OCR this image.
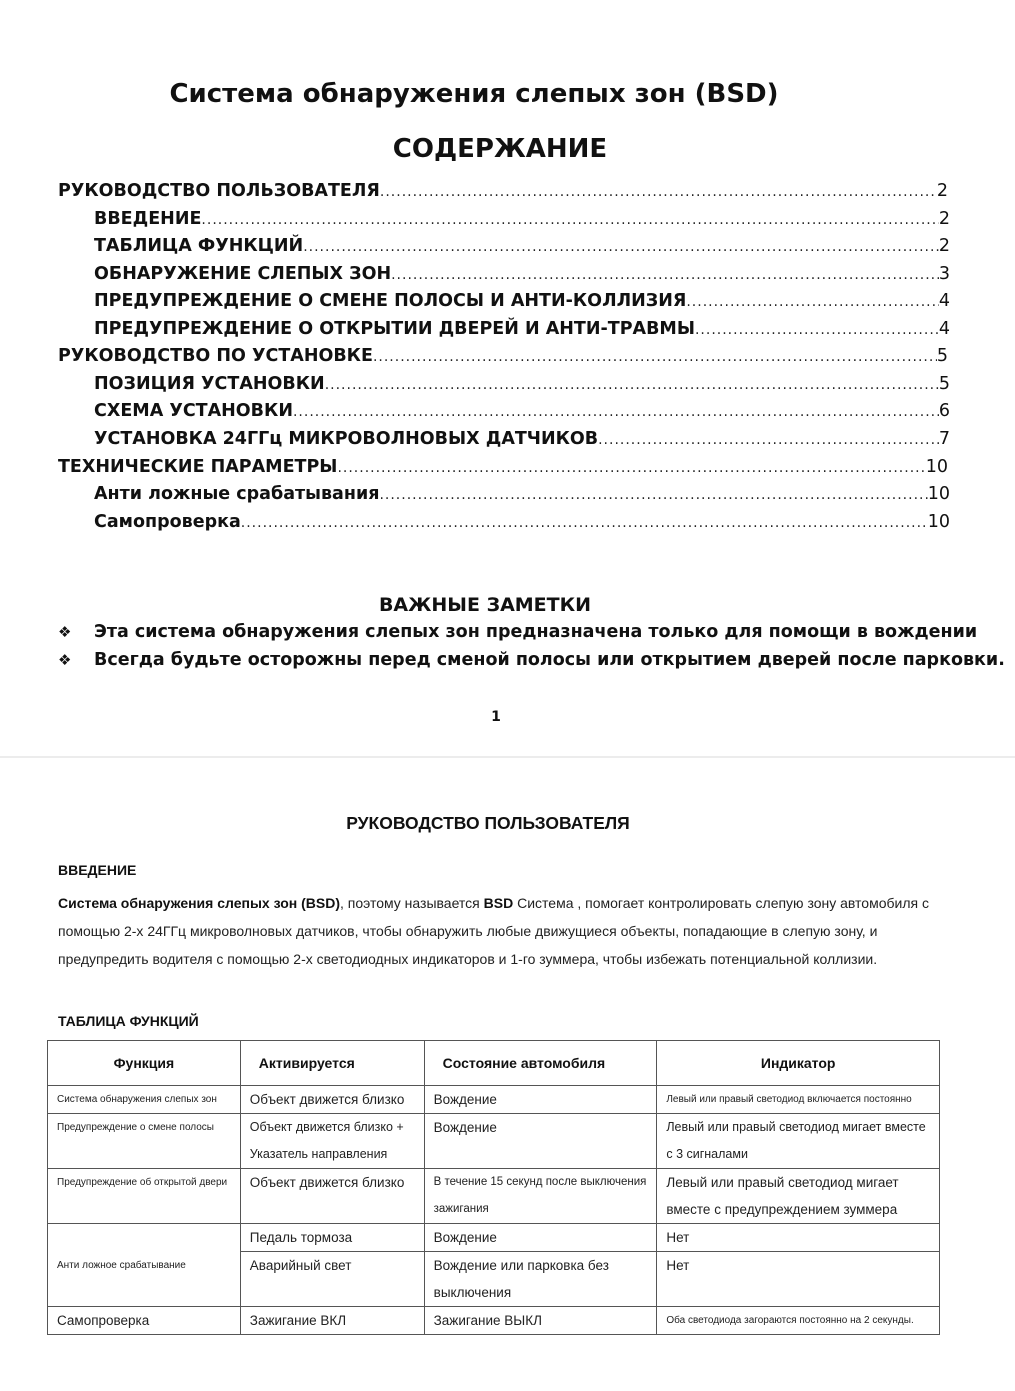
Система обнаружения слепых зон (BSD)
СОДЕРЖАНИЕ
РУКОВОДСТВО ПОЛЬЗОВАТЕЛЯ .....	2
ВВЕДЕНИЕ .....	2
ТАБЛИЦА ФУНКЦИЙ .....	2
ОБНАРУЖЕНИЕ СЛЕПЫХ ЗОН .....	3
ПРЕДУПРЕЖДЕНИЕ О СМЕНЕ ПОЛОСЫ И АНТИ-КОЛЛИЗИЯ .....	4
ПРЕДУПРЕЖДЕНИЕ О ОТКРЫТИИ ДВЕРЕЙ И АНТИ-ТРАВМЫ .....	4
РУКОВОДСТВО ПО УСТАНОВКЕ .....	5
ПОЗИЦИЯ УСТАНОВКИ .....	5
СХЕМА УСТАНОВКИ .....	6
УСТАНОВКА 24ГГц МИКРОВОЛНОВЫХ ДАТЧИКОВ .....	7
ТЕХНИЧЕСКИЕ ПАРАМЕТРЫ .....	10
Анти ложные срабатывания .....	10
Самопроверка .....	10
ВАЖНЫЕ ЗАМЕТКИ
❖ Эта система обнаружения слепых зон предназначена только для помощи в вождении
❖ Всегда будьте осторожны перед сменой полосы или открытием дверей после парковки.
1
РУКОВОДСТВО ПОЛЬЗОВАТЕЛЯ
ВВЕДЕНИЕ
Система обнаружения слепых зон (BSD), поэтому называется BSD Система , помогает контролировать слепую зону автомобиля с помощью 2-х 24ГГц микроволновых датчиков, чтобы обнаружить любые движущиеся объекты, попадающие в слепую зону, и предупредить водителя с помощью 2-х светодиодных индикаторов и 1-го зуммера, чтобы избежать потенциальной коллизии.
ТАБЛИЦА ФУНКЦИЙ
Функция	Активируется	Состояние автомобиля	Индикатор
Система обнаружения слепых зон	Объект движется близко	Вождение	Левый или правый светодиод включается постоянно
Предупреждение о смене полосы	Объект движется близко + Указатель направления	Вождение	Левый или правый светодиод мигает вместе с 3 сигналами
Предупреждение об открытой двери	Объект движется близко	В течение 15 секунд после выключения зажигания	Левый или правый светодиод мигает вместе с предупреждением зуммера
Анти ложное срабатывание	Педаль тормоза	Вождение	Нет
	Аварийный свет	Вождение или парковка без выключения	Нет
Самопроверка	Зажигание ВКЛ	Зажигание ВЫКЛ	Оба светодиода загораются постоянно на 2 секунды.
